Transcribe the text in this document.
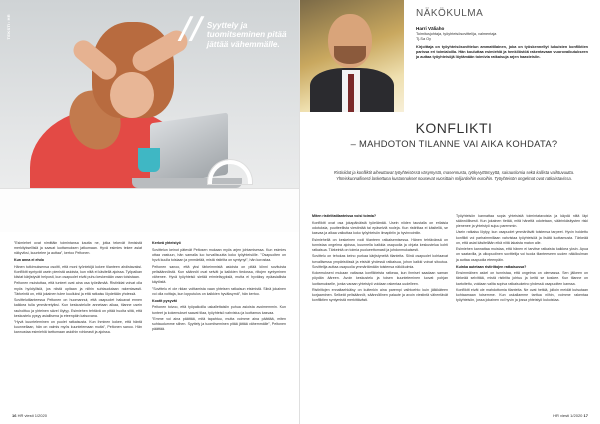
TEKSTI: HR	// Syyttely ja tuomitseminen pitää jättää vähemmälle.

”Esimiehet ovat nimittäin toimintansa kautta ne, jotka tekevät ihmisistä merkityksellisiä ja saavat luottamuksen jatkumaan. Hyvä esimies tekee asiat näkyviksi, kuuntelee ja auttaa”, kertoo Peltonen.

Kun anna ei ehdo

Hänen tutkimuksensa osoitti, että moni työntekijä kokee tilanteen ahdistavaksi. Konfliktit syntyvät usein pienistä asioista, kun niitä ei käsitellä ajoissa. Työpaikan kiistat kärjistyvät helposti, kun osapuolet eivät puhu keskenään vaan toisistaan.

Peltonen muistuttaa, että tunteet ovat aina osa työelämää. Ristiriidat voivat olla myös hyödyllisiä, jos niistä opitaan ja niihin suhtaudutaan rakentavasti. Tärkeintä on, että jokainen tulee kuulluksi ja että ratkaisu löydetään yhdessä.

Sovittelutilanteessa Peltonen on huomannut, että osapuolet haluavat ennen kaikkea tulla ymmärretyiksi. Kun keskustelulle annetaan aikaa, tilanne usein rauhoittuu ja yhteinen sävel löytyy. Esimiehen tehtävä on pitää huolta siitä, että keskustelu pysyy asiallisena ja eteenpäin katsovana.

”Hyvä kuunteleminen on puolet ratkaisusta. Kun ihminen kokee, että häntä kuunnellaan, hän on valmis myös kuuntelemaan muita”, Peltonen sanoo. Hän kannustaa esimiehiä tarttumaan asioihin rohkeasti ja ajoissa.

Kerkeä yhteistyö

Sovittelun keinot pätevät Peltosen mukaan myös arjen johtamisessa. Kun esimies ottaa vastuun, hän samalla luo turvallisuutta koko työyhteisölle. ”Osapuolten on hyvä kuulla toisiaan ja ymmärtää, mistä ristiriita on syntynyt”, hän korostaa.

Peltonen sanoo, että yksi tärkeimmistä asioista on pitää kiinni sovituista pelisäännöistä. Kun säännöt ovat selvät ja kaikkien tiedossa, riitojen syntyminen vähenee. Hyvä työyhteisö sietää erimielisyyksiä, mutta ei hyväksy epäasiallista käytöstä.

”Sovittelu ei ole riidan voittamista vaan yhteisen ratkaisun etsimistä. Siinä jokainen voi olla voittaja, kun lopputulos on kaikkien hyväksymä”, hän kertoo.

Kootit pysyvät

Peltonen toivoo, että työpaikoilla uskallettaisiin puhua asioista avoimemmin. Kun tunteet ja kokemukset saavat tilaa, työyhteisö vahvistuu ja luottamus kasvaa.

”Emme voi aina päättää, mitä tapahtuu, mutta voimme aina päättää, miten suhtaudumme siihen. Syyttely ja tuomitseminen pitää jättää vähemmälle”, Peltonen päättää.

16 HR viesti 1/2020
NÄKÖKULMA
Harri Väliaho
Toimitusjohtaja, työyhteisösovittelija, valmentaja
Tj-Sa Oy

Kirjoittaja on työyhteisösovittelun ammattilainen, joka on työskennellyt lukuisten konfliktien parissa eri toimialoilla. Hän kouluttaa esimiehiä ja henkilöstöä rakentavaan vuorovaikutukseen ja auttaa työyhteisöjä löytämään toimivia ratkaisuja arjen haasteisiin.

KONFLIKTI
– MAHDOTON TILANNE VAI AIKA KOHDATA?

Ristiriidat ja konfliktit aiheuttavat työyhteisössä väsymystä, masennusta, työkyvyttömyyttä, sairauslomia sekä kallista vaihtuvuutta. Yhteiskunnallisesti laskettuna kustannukset nousevat vuosittain miljardeihin euroihin. Työyhteisön ongelmat ovat ratkaistavissa.

Miten ristiriitatilanteissa voisi toimia?

Konfliktit ovat osa jokapäiväistä työelämää. Usein niiden taustalla on erilaisia odotuksia, puutteellista viestintää tai epäselviä rooleja. Kun ristiriitaa ei käsitellä, se kasvaa ja alkaa vaikuttaa koko työyhteisön ilmapiiriin ja hyvinvointiin.

Esimiehellä on keskeinen rooli tilanteen ratkaisemisessa. Hänen tehtävänsä on tunnistaa ongelma ajoissa, kuunnella kaikkia osapuolia ja ohjata keskustelua kohti ratkaisua. Tärkeintä on toimia puolueettomasti ja johdonmukaisesti.

Sovittelu on tehokas keino purkaa kärjistyneitä tilanteita. Siinä osapuolet kohtaavat turvallisessa ympäristössä ja etsivät yhdessä ratkaisua, johon kaikki voivat sitoutua. Sovittelija auttaa osapuolia ymmärtämään toistensa näkökulmia.

Kokemukseni mukaan valtaosa konflikteista ratkeaa, kun ihmiset saadaan saman pöydän ääreen. Avoin keskustelu ja toisen kuunteleminen luovat pohjan luottamukselle, jonka varaan yhteistyö voidaan rakentaa uudelleen.

Ristiriitojen ennaltaehkäisy on kuitenkin aina parempi vaihtoehto kuin jälkikäteen korjaaminen. Selkeät pelisäännöt, säännöllinen palaute ja avoin viestintä vähentävät konfliktien syntymistä merkittävästi.

Työyhteisön kannattaa sopia yhteisistä toimintatavoista ja käydä niitä läpi säännöllisesti. Kun jokainen tietää, mitä häneltä odotetaan, väärinkäsitysten riski pienenee ja yhteistyö sujuu paremmin.

Usein ratkaisu löytyy, kun osapuolet ymmärtävät toistensa tarpeet. Hyvin hoidettu konflikti voi parhaimmillaan vahvistaa työyhteisöä ja lisätä luottamusta. Tärkeää on, että asiat käsitellään eikä niitä lakaista maton alle.

Esimiehen kannattaa muistaa, että hänen ei tarvitse ratkaista kaikkea yksin. Apua on saatavilla, ja ulkopuolinen sovittelija voi tuoda tilanteeseen uuden näkökulman ja auttaa osapuolia eteenpäin.

Kuinka autetaan ristiriitojen ratkaisussa?

Ensimmäinen askel on tunnistaa, että ongelma on olemassa. Sen jälkeen on tärkeää selvittää, mistä ristiriita johtuu ja keitä se koskee. Kun tilanne on kartoitettu, voidaan valita sopiva ratkaisukeino yhdessä osapuolten kanssa.

Konfliktit eivät ole mahdottomia tilanteita. Ne ovat hetkiä, jolloin meidät kutsutaan kohtaamaan toisemme. Kun uskallamme tarttua niihin, voimme rakentaa työyhteisön, jossa jokainen voi hyvin ja jossa yhteistyö kukoistaa.

HR viesti 1/2020 17
